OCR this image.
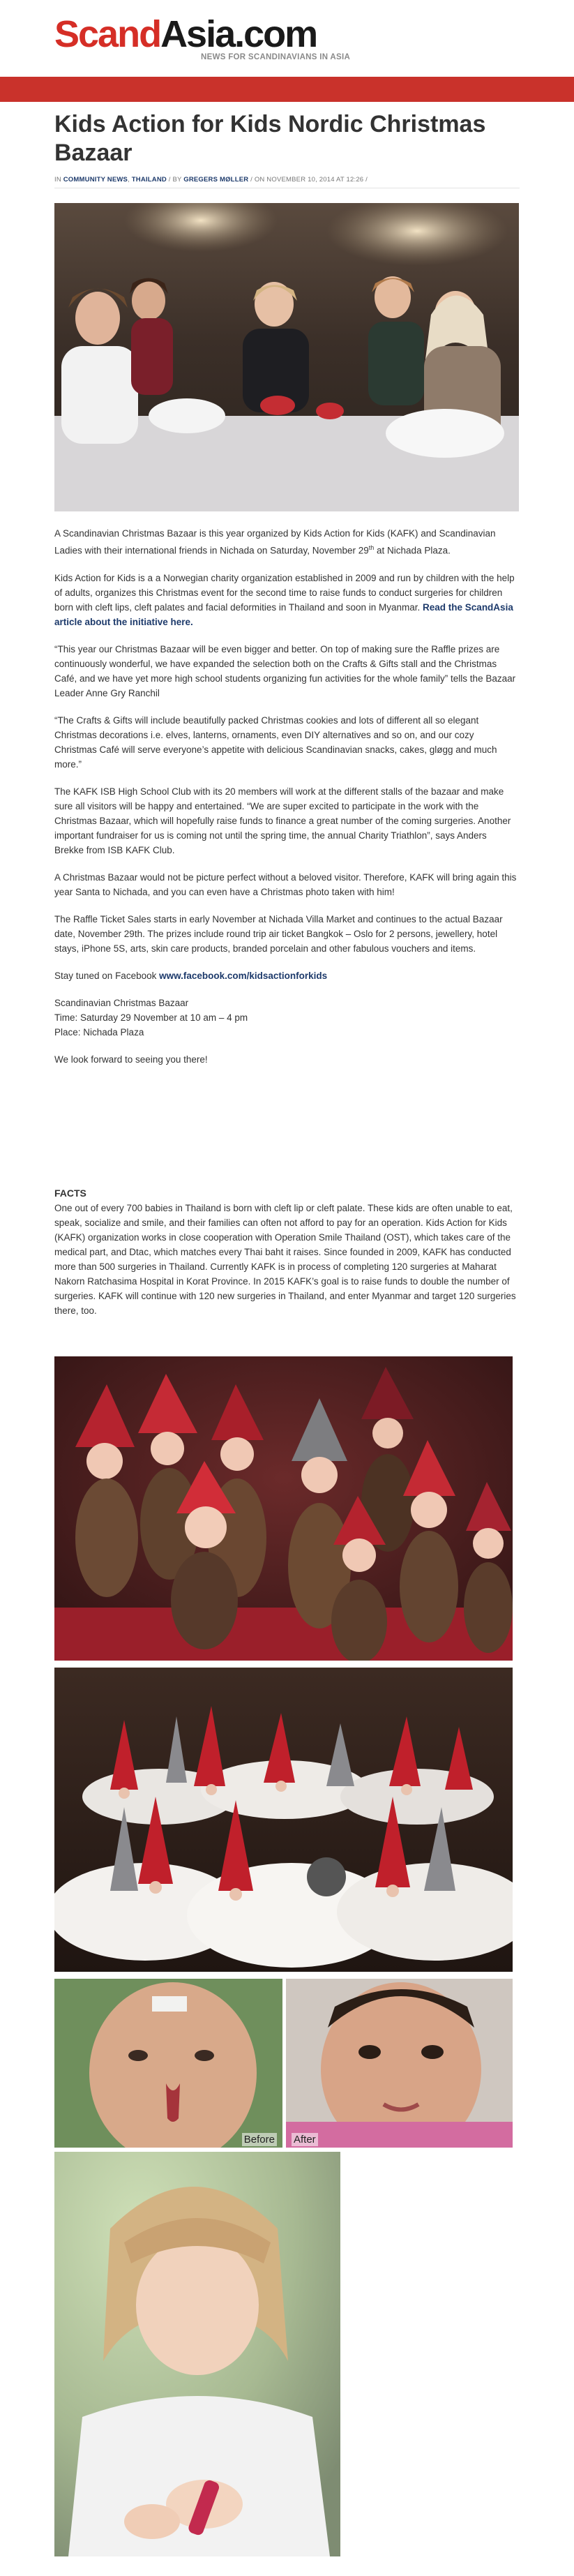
ScandAsia.com
NEWS FOR SCANDINAVIANS IN ASIA
Kids Action for Kids Nordic Christmas Bazaar
IN COMMUNITY NEWS, THAILAND / BY GREGERS MØLLER / ON NOVEMBER 10, 2014 AT 12:26 /

A Scandinavian Christmas Bazaar is this year organized by Kids Action for Kids (KAFK) and Scandinavian Ladies with their international friends in Nichada on Saturday, November 29th at Nichada Plaza.

Kids Action for Kids is a a Norwegian charity organization established in 2009 and run by children with the help of adults, organizes this Christmas event for the second time to raise funds to conduct surgeries for children born with cleft lips, cleft palates and facial deformities in Thailand and soon in Myanmar. Read the ScandAsia article about the initiative here.

“This year our Christmas Bazaar will be even bigger and better. On top of making sure the Raffle prizes are continuously wonderful, we have expanded the selection both on the Crafts & Gifts stall and the Christmas Café, and we have yet more high school students organizing fun activities for the whole family” tells the Bazaar Leader Anne Gry Ranchil

“The Crafts & Gifts will include beautifully packed Christmas cookies and lots of different all so elegant Christmas decorations i.e. elves, lanterns, ornaments, even DIY alternatives and so on, and our cozy Christmas Café will serve everyone’s appetite with delicious Scandinavian snacks, cakes, gløgg and much more.”

The KAFK ISB High School Club with its 20 members will work at the different stalls of the bazaar and make sure all visitors will be happy and entertained. “We are super excited to participate in the work with the Christmas Bazaar, which will hopefully raise funds to finance a great number of the coming surgeries. Another important fundraiser for us is coming not until the spring time, the annual Charity Triathlon”, says Anders Brekke from ISB KAFK Club.

A Christmas Bazaar would not be picture perfect without a beloved visitor. Therefore, KAFK will bring again this year Santa to Nichada, and you can even have a Christmas photo taken with him!

The Raffle Ticket Sales starts in early November at Nichada Villa Market and continues to the actual Bazaar date, November 29th. The prizes include round trip air ticket Bangkok – Oslo for 2 persons, jewellery, hotel stays, iPhone 5S, arts, skin care products, branded porcelain and other fabulous vouchers and items.

Stay tuned on Facebook www.facebook.com/kidsactionforkids

Scandinavian Christmas Bazaar
Time: Saturday 29 November at 10 am – 4 pm
Place: Nichada Plaza

We look forward to seeing you there!

FACTS

One out of every 700 babies in Thailand is born with cleft lip or cleft palate. These kids are often unable to eat, speak, socialize and smile, and their families can often not afford to pay for an operation. Kids Action for Kids (KAFK) organization works in close cooperation with Operation Smile Thailand (OST), which takes care of the medical part, and Dtac, which matches every Thai baht it raises. Since founded in 2009, KAFK has conducted more than 500 surgeries in Thailand. Currently KAFK is in process of completing 120 surgeries at Maharat Nakorn Ratchasima Hospital in Korat Province. In 2015 KAFK’s goal is to raise funds to double the number of surgeries. KAFK will continue with 120 new surgeries in Thailand, and enter Myanmar and target 120 surgeries there, too.

Before After
